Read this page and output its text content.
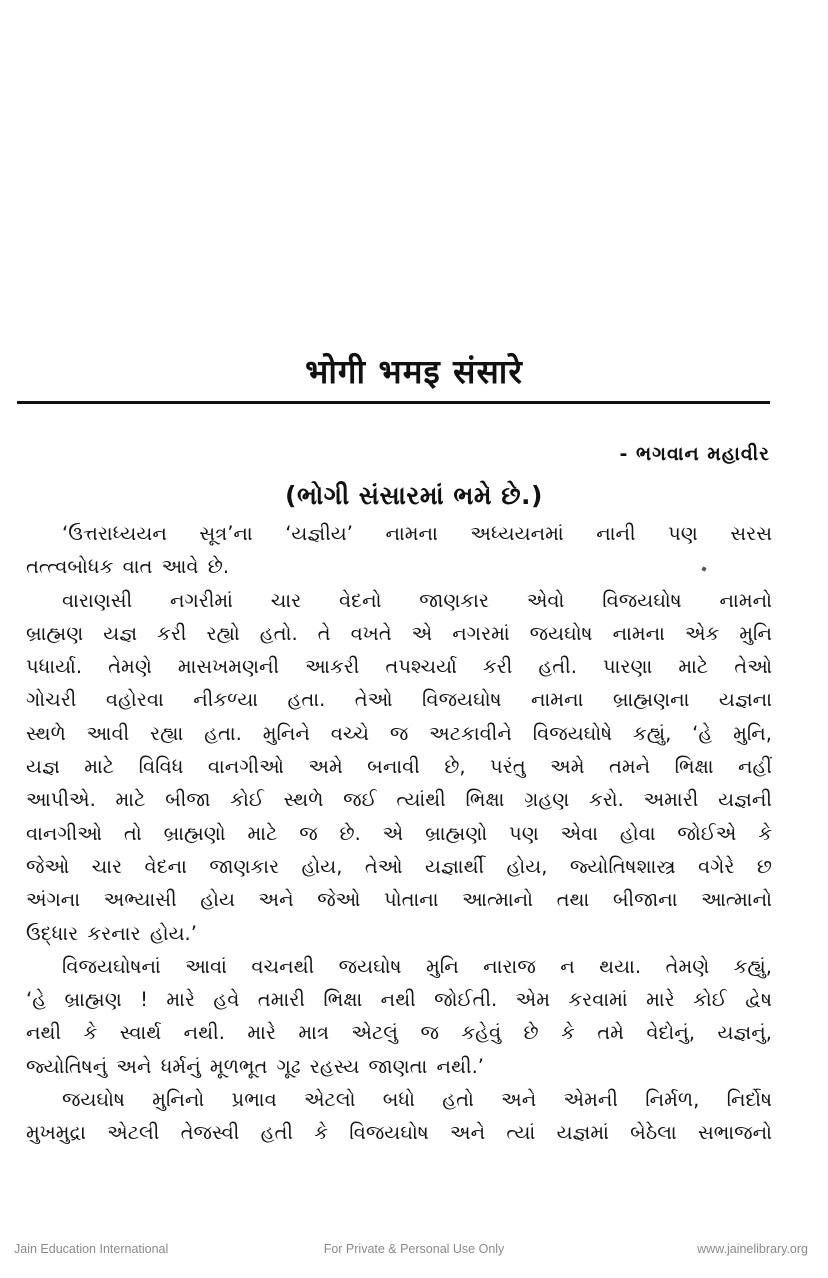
भोगी भमइ संसारे
- ભગવાન મહાવીર
(ભોગી સંસારમાં ભમે છે.)
‘ઉત્તરાધ્યયન સૂત્ર’ના ‘યજ્ઞીય’ નામના અધ્યયનમાં નાની પણ સરસ
તત્ત્વબોધક વાત આવે છે.
વારાણસી નગરીમાં ચાર વેદનો જાણકાર એવો વિજયઘોષ નામનો
બ્રાહ્મણ યજ્ઞ કરી રહ્યો હતો. તે વખતે એ નગરમાં જયઘોષ નામના એક મુનિ
પધાર્યા. તેમણે માસખમણની આકરી તપશ્ચર્યા કરી હતી. પારણા માટે તેઓ
ગોચરી વહોરવા નીકળ્યા હતા. તેઓ વિજયઘોષ નામના બ્રાહ્મણના યજ્ઞના
સ્થળે આવી રહ્યા હતા. મુનિને વચ્ચે જ અટકાવીને વિજયઘોષે કહ્યું, ‘હે મુનિ,
યજ્ઞ માટે વિવિધ વાનગીઓ અમે બનાવી છે, પરંતુ અમે તમને ભિક્ષા નહીં
આપીએ. માટે બીજા કોઈ સ્થળે જઈ ત્યાંથી ભિક્ષા ગ્રહણ કરો. અમારી યજ્ઞની
વાનગીઓ તો બ્રાહ્મણો માટે જ છે. એ બ્રાહ્મણો પણ એવા હોવા જોઈએ કે
જેઓ ચાર વેદના જાણકાર હોય, તેઓ યજ્ઞાર્થી હોય, જ્યોતિષશાસ્ત્ર વગેરે છ
અંગના અભ્યાસી હોય અને જેઓ પોતાના આત્માનો તથા બીજાના આત્માનો
ઉદ્ધાર કરનાર હોય.’
વિજયઘોષનાં આવાં વચનથી જયઘોષ મુનિ નારાજ ન થયા. તેમણે કહ્યું,
‘હે બ્રાહ્મણ ! મારે હવે તમારી ભિક્ષા નથી જોઈતી. એમ કરવામાં મારે કોઈ દ્વેષ
નથી કે સ્વાર્થ નથી. મારે માત્ર એટલું જ કહેવું છે કે તમે વેદોનું, યજ્ઞનું,
જ્યોતિષનું અને ધર્મનું મૂળભૂત ગૂઢ રહસ્ય જાણતા નથી.’
જયઘોષ મુનિનો પ્રભાવ એટલો બધો હતો અને એમની નિર્મળ, નિર્દોષ
મુખમુદ્રા એટલી તેજસ્વી હતી કે વિજયઘોષ અને ત્યાં યજ્ઞમાં બેઠેલા સભાજનો
Jain Education International	For Private & Personal Use Only	www.jainelibrary.org
